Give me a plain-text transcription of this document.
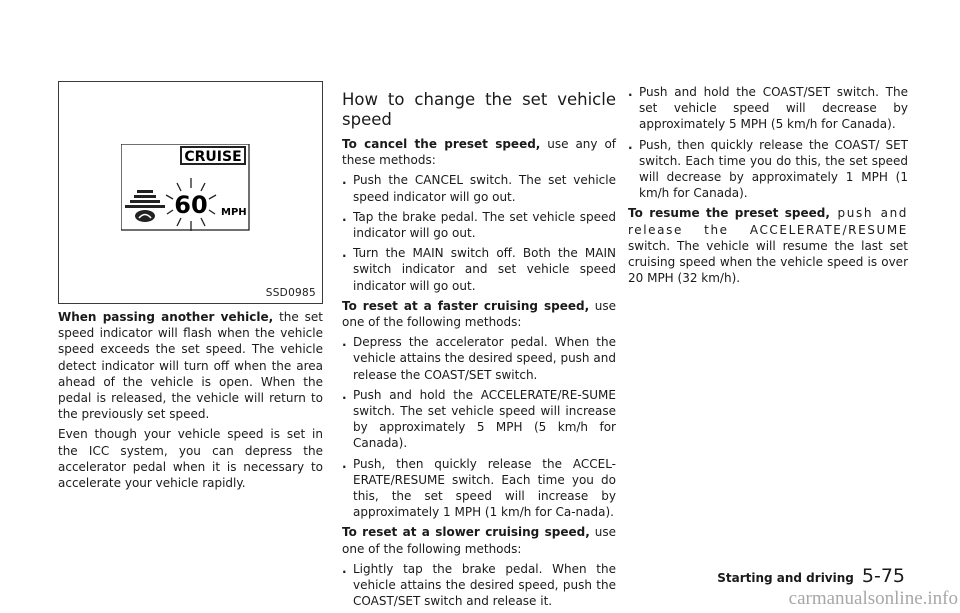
CRUISE
60 MPH
SSD0985

When passing another vehicle, the set speed indicator will flash when the vehicle speed exceeds the set speed. The vehicle detect indicator will turn off when the area ahead of the vehicle is open. When the pedal is released, the vehicle will return to the previously set speed.

Even though your vehicle speed is set in the ICC system, you can depress the accelerator pedal when it is necessary to accelerate your vehicle rapidly.

How to change the set vehicle speed

To cancel the preset speed, use any of these methods:

. Push the CANCEL switch. The set vehicle speed indicator will go out.
. Tap the brake pedal. The set vehicle speed indicator will go out.
. Turn the MAIN switch off. Both the MAIN switch indicator and set vehicle speed indicator will go out.

To reset at a faster cruising speed, use one of the following methods:

. Depress the accelerator pedal. When the vehicle attains the desired speed, push and release the COAST/SET switch.
. Push and hold the ACCELERATE/RE-SUME switch. The set vehicle speed will increase by approximately 5 MPH (5 km/h for Canada).
. Push, then quickly release the ACCEL-ERATE/RESUME switch. Each time you do this, the set speed will increase by approximately 1 MPH (1 km/h for Ca-nada).

To reset at a slower cruising speed, use one of the following methods:

. Lightly tap the brake pedal. When the vehicle attains the desired speed, push the COAST/SET switch and release it.
. Push and hold the COAST/SET switch. The set vehicle speed will decrease by approximately 5 MPH (5 km/h for Canada).
. Push, then quickly release the COAST/ SET switch. Each time you do this, the set speed will decrease by approximately 1 MPH (1 km/h for Canada).

To resume the preset speed, push and release the ACCELERATE/RESUME switch. The vehicle will resume the last set cruising speed when the vehicle speed is over 20 MPH (32 km/h).

Starting and driving 5-75
carmanualsonline.info
